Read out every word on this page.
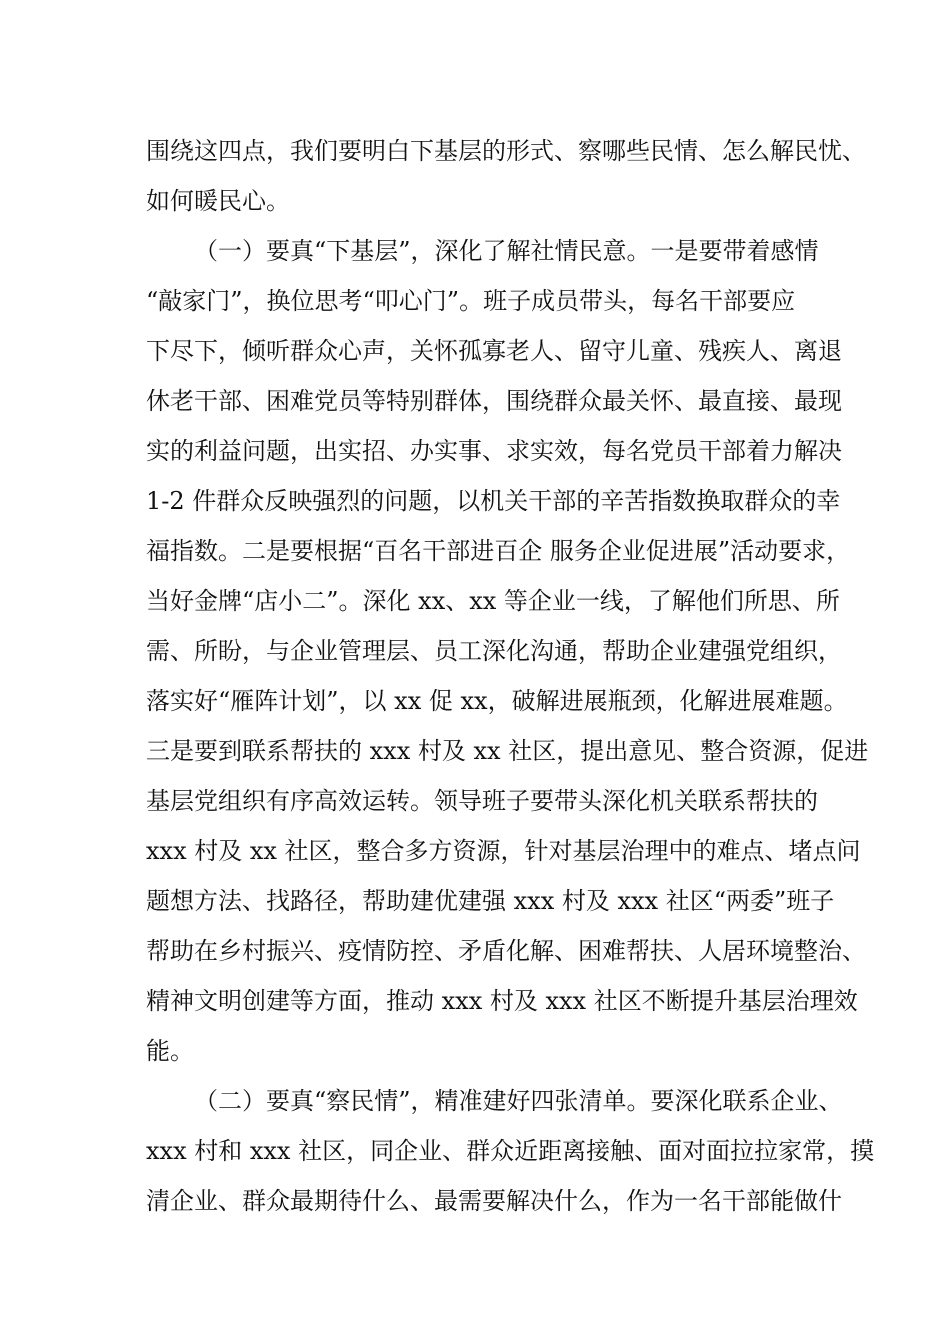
围绕这四点，我们要明白下基层的形式、察哪些民情、怎么解民忧、
如何暖民心。
（一）要真“下基层”，深化了解社情民意。一是要带着感情
“敲家门”，换位思考“叩心门”。班子成员带头，每名干部要应
下尽下，倾听群众心声，关怀孤寡老人、留守儿童、残疾人、离退
休老干部、困难党员等特别群体，围绕群众最关怀、最直接、最现
实的利益问题，出实招、办实事、求实效，每名党员干部着力解决
1-2 件群众反映强烈的问题，以机关干部的辛苦指数换取群众的幸
福指数。二是要根据“百名干部进百企 服务企业促进展”活动要求，
当好金牌“店小二”。深化 xx、xx 等企业一线，了解他们所思、所
需、所盼，与企业管理层、员工深化沟通，帮助企业建强党组织，
落实好“雁阵计划”，以 xx 促 xx，破解进展瓶颈，化解进展难题。
三是要到联系帮扶的 xxx 村及 xx 社区，提出意见、整合资源，促进
基层党组织有序高效运转。领导班子要带头深化机关联系帮扶的
xxx 村及 xx 社区，整合多方资源，针对基层治理中的难点、堵点问
题想方法、找路径，帮助建优建强 xxx 村及 xxx 社区“两委”班子
帮助在乡村振兴、疫情防控、矛盾化解、困难帮扶、人居环境整治、
精神文明创建等方面，推动 xxx 村及 xxx 社区不断提升基层治理效
能。
（二）要真“察民情”，精准建好四张清单。要深化联系企业、
xxx 村和 xxx 社区，同企业、群众近距离接触、面对面拉拉家常，摸
清企业、群众最期待什么、最需要解决什么，作为一名干部能做什
